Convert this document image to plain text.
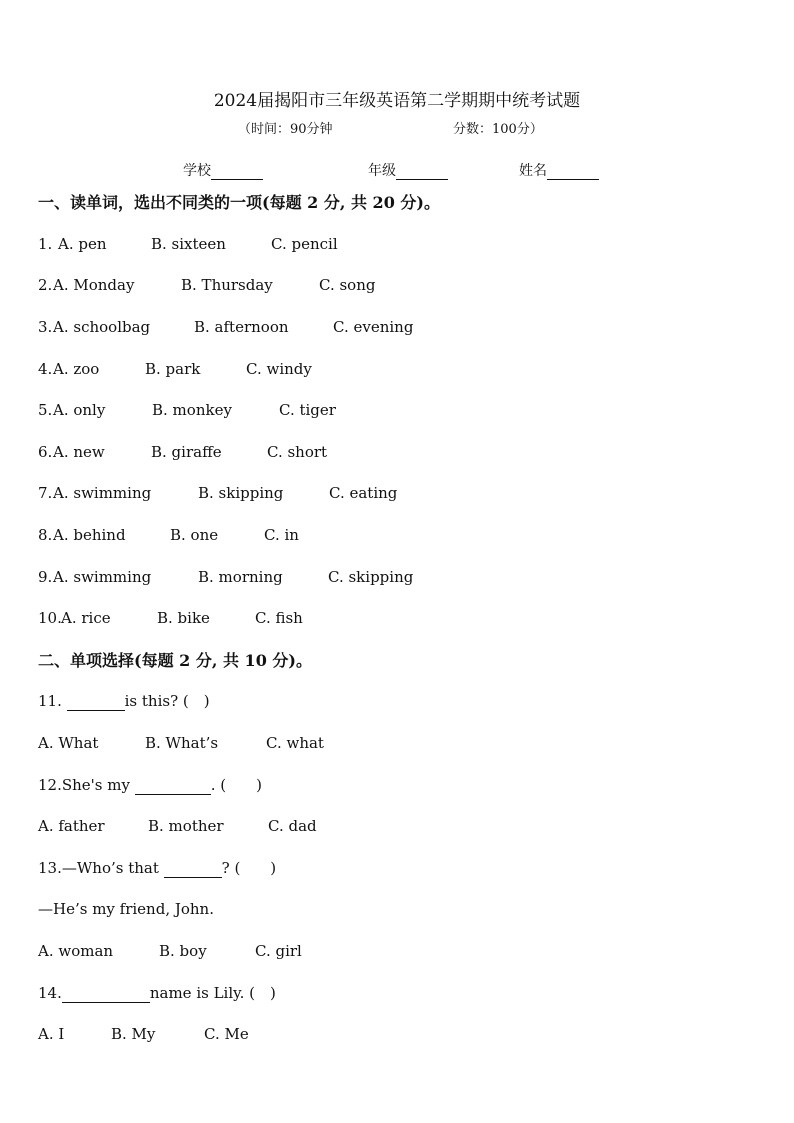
2024届揭阳市三年级英语第二学期期中统考试题
（时间：90分钟	分数：100分）
学校	年级	姓名
一、读单词，选出不同类的一项(每题 2 分, 共 20 分)。
1. A. pen	B. sixteen	C. pencil
2. A. Monday	B. Thursday	C. song
3. A. schoolbag	B. afternoon	C. evening
4. A. zoo	B. park	C. windy
5. A. only	B. monkey	C. tiger
6. A. new	B. giraffe	C. short
7. A. swimming	B. skipping	C. eating
8. A. behind	B. one	C. in
9. A. swimming	B. morning	C. skipping
10. A. rice	B. bike	C. fish
二、单项选择(每题 2 分, 共 10 分)。
11.	is this? (　)
A. What	B. What’s	C. what
12.She's my	. (　　)
A. father	B. mother	C. dad
13.—Who’s that	? (　　)
—He’s my friend, John.
A. woman	B. boy	C. girl
14.	name is Lily. (　)
A. I	B. My	C. Me
